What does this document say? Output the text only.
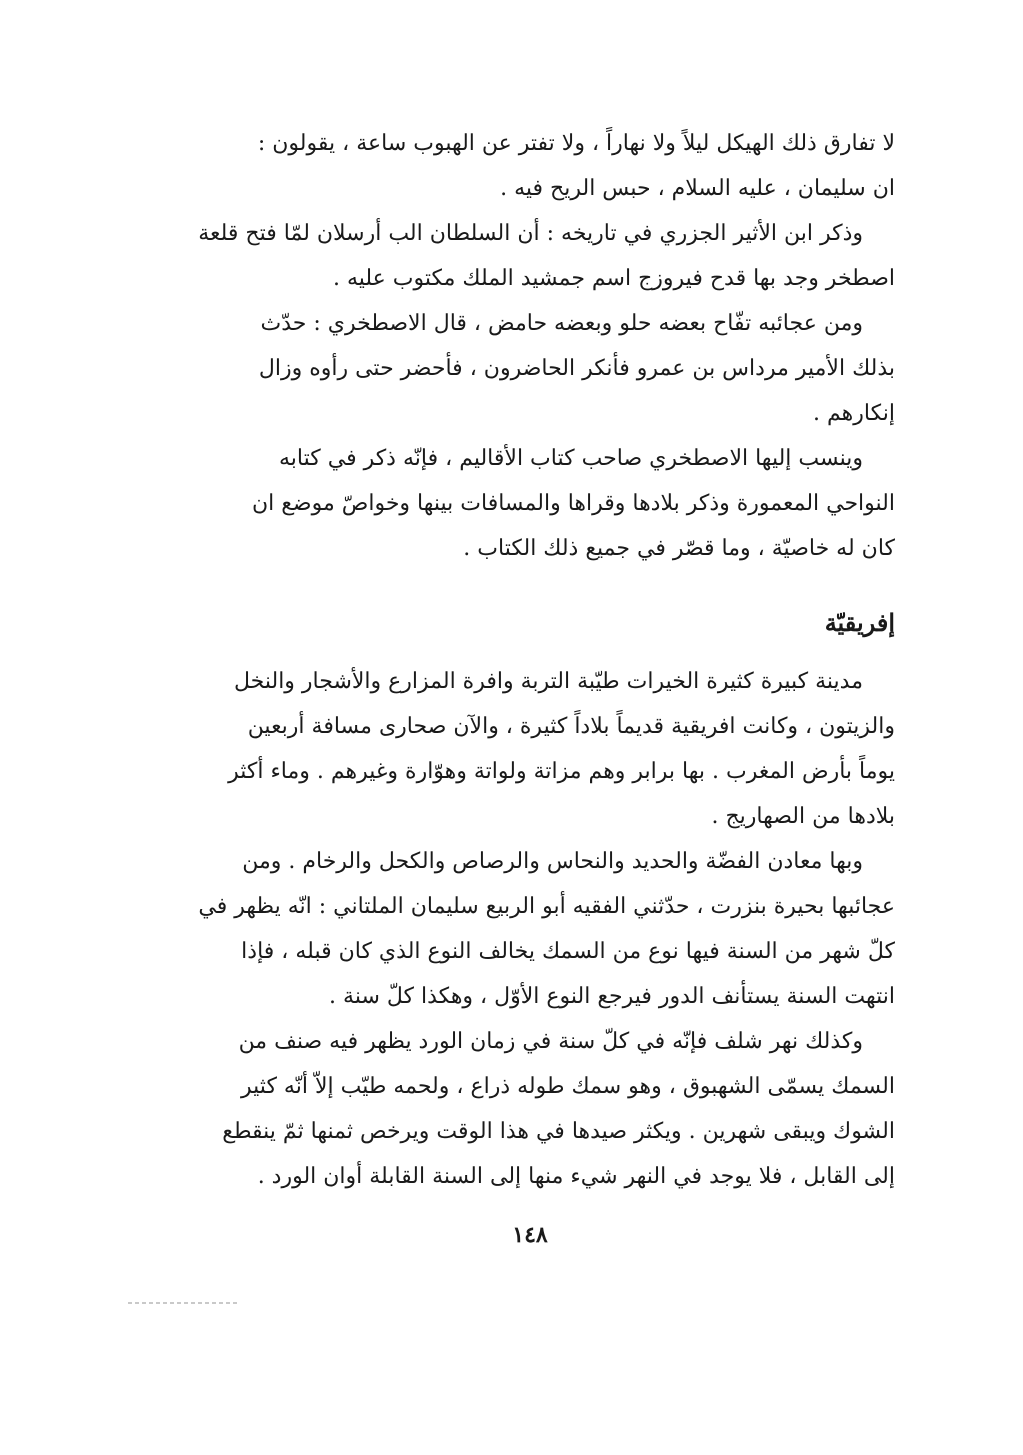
لا تفارق ذلك الهيكل ليلاً ولا نهاراً ، ولا تفتر عن الهبوب ساعة ، يقولون :
ان سليمان ، عليه السلام ، حبس الريح فيه .
وذكر ابن الأثير الجزري في تاريخه : أن السلطان الب أرسلان لمّا فتح قلعة
اصطخر وجد بها قدح فيروزج اسم جمشيد الملك مكتوب عليه .
ومن عجائبه تفّاح بعضه حلو وبعضه حامض ، قال الاصطخري : حدّث
بذلك الأمير مرداس بن عمرو فأنكر الحاضرون ، فأحضر حتى رأوه وزال
إنكارهم .
وينسب إليها الاصطخري صاحب كتاب الأقاليم ، فإنّه ذكر في كتابه
النواحي المعمورة وذكر بلادها وقراها والمسافات بينها وخواصّ موضع ان
كان له خاصيّة ، وما قصّر في جميع ذلك الكتاب .
إفريقيّة
مدينة كبيرة كثيرة الخيرات طيّبة التربة وافرة المزارع والأشجار والنخل
والزيتون ، وكانت افريقية قديماً بلاداً كثيرة ، والآن صحارى مسافة أربعين
يوماً بأرض المغرب . بها برابر وهم مزاتة ولواتة وهوّارة وغيرهم . وماء أكثر
بلادها من الصهاريج .
وبها معادن الفضّة والحديد والنحاس والرصاص والكحل والرخام . ومن
عجائبها بحيرة بنزرت ، حدّثني الفقيه أبو الربيع سليمان الملتاني : انّه يظهر في
كلّ شهر من السنة فيها نوع من السمك يخالف النوع الذي كان قبله ، فإذا
انتهت السنة يستأنف الدور فيرجع النوع الأوّل ، وهكذا كلّ سنة .
وكذلك نهر شلف فإنّه في كلّ سنة في زمان الورد يظهر فيه صنف من
السمك يسمّى الشهبوق ، وهو سمك طوله ذراع ، ولحمه طيّب إلاّ أنّه كثير
الشوك ويبقى شهرين . ويكثر صيدها في هذا الوقت ويرخص ثمنها ثمّ ينقطع
إلى القابل ، فلا يوجد في النهر شيء منها إلى السنة القابلة أوان الورد .
١٤٨
